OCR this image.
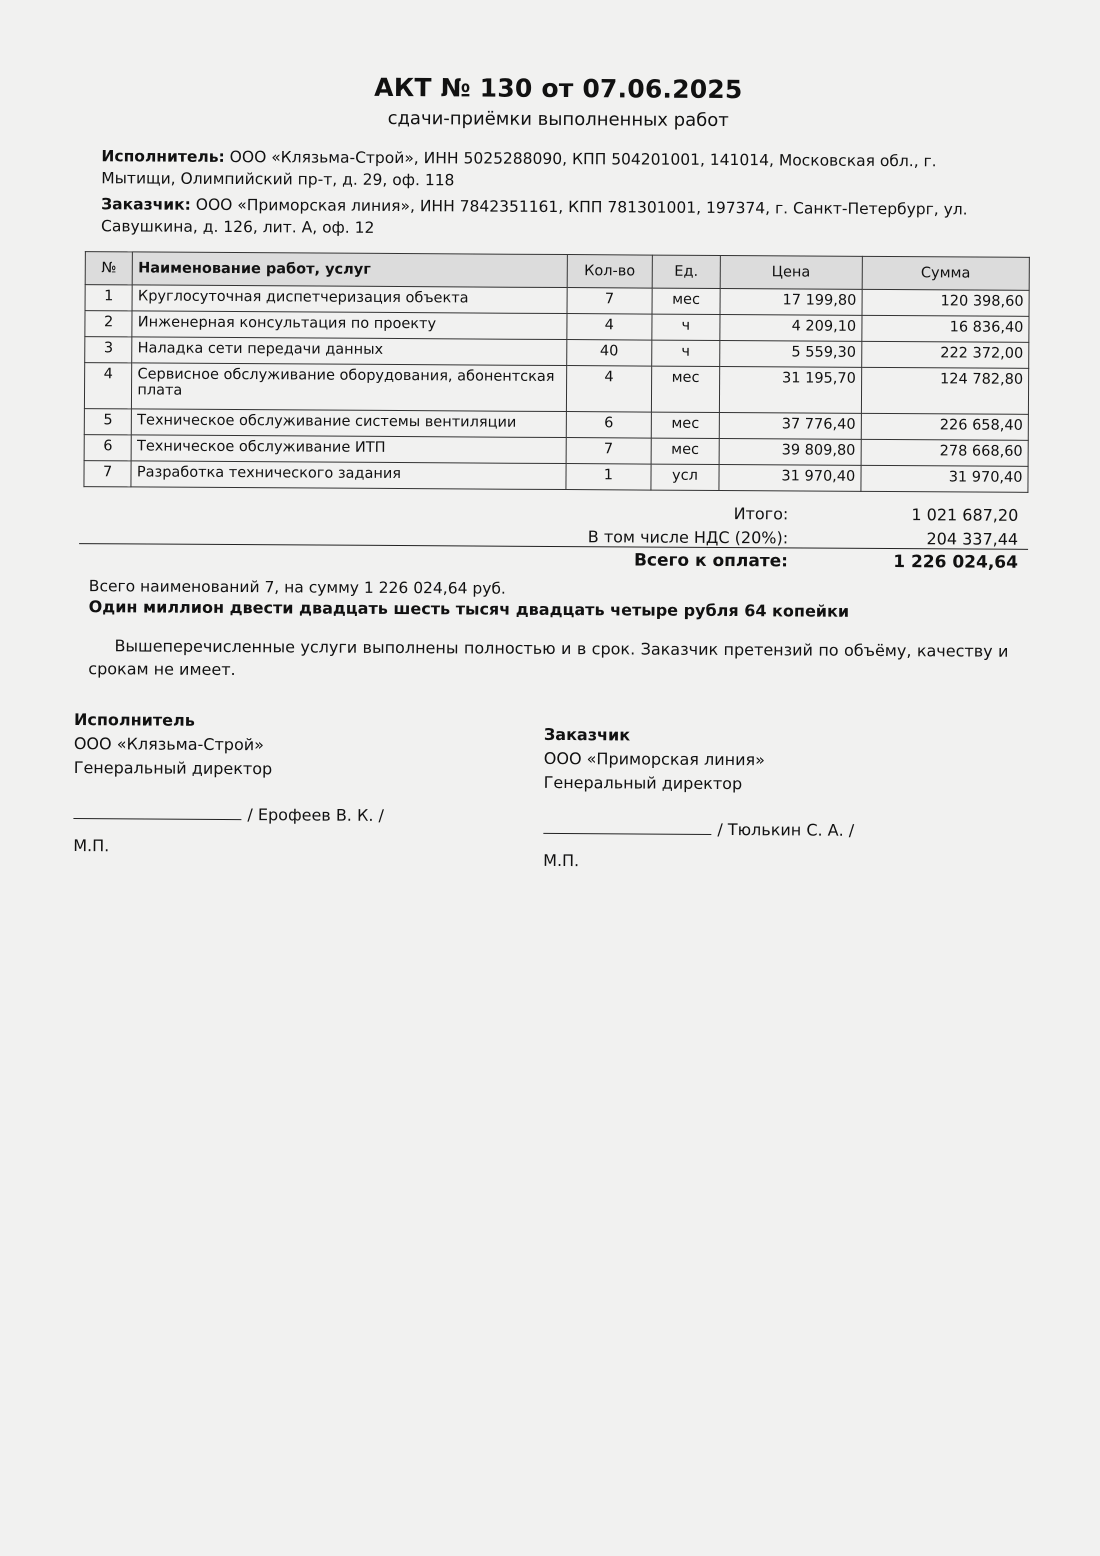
АКТ № 130 от 07.06.2025
сдачи-приёмки выполненных работ
Исполнитель: ООО «Клязьма-Строй», ИНН 5025288090, КПП 504201001, 141014, Московская обл., г. Мытищи, Олимпийский пр-т, д. 29, оф. 118
Заказчик: ООО «Приморская линия», ИНН 7842351161, КПП 781301001, 197374, г. Санкт-Петербург, ул. Савушкина, д. 126, лит. А, оф. 12
№	Наименование работ, услуг	Кол-во	Ед.	Цена	Сумма
1	Круглосуточная диспетчеризация объекта	7	мес	17 199,80	120 398,60
2	Инженерная консультация по проекту	4	ч	4 209,10	16 836,40
3	Наладка сети передачи данных	40	ч	5 559,30	222 372,00
4	Сервисное обслуживание оборудования, абонентская плата	4	мес	31 195,70	124 782,80
5	Техническое обслуживание системы вентиляции	6	мес	37 776,40	226 658,40
6	Техническое обслуживание ИТП	7	мес	39 809,80	278 668,60
7	Разработка технического задания	1	усл	31 970,40	31 970,40
Итого:	1 021 687,20
В том числе НДС (20%):	204 337,44
Всего к оплате:	1 226 024,64
Всего наименований 7, на сумму 1 226 024,64 руб.
Один миллион двести двадцать шесть тысяч двадцать четыре рубля 64 копейки
Вышеперечисленные услуги выполнены полностью и в срок. Заказчик претензий по объёму, качеству и срокам не имеет.
Исполнитель
ООО «Клязьма-Строй»
Генеральный директор
/ Ерофеев В. К. /
М.П.
Заказчик
ООО «Приморская линия»
Генеральный директор
/ Тюлькин С. А. /
М.П.
